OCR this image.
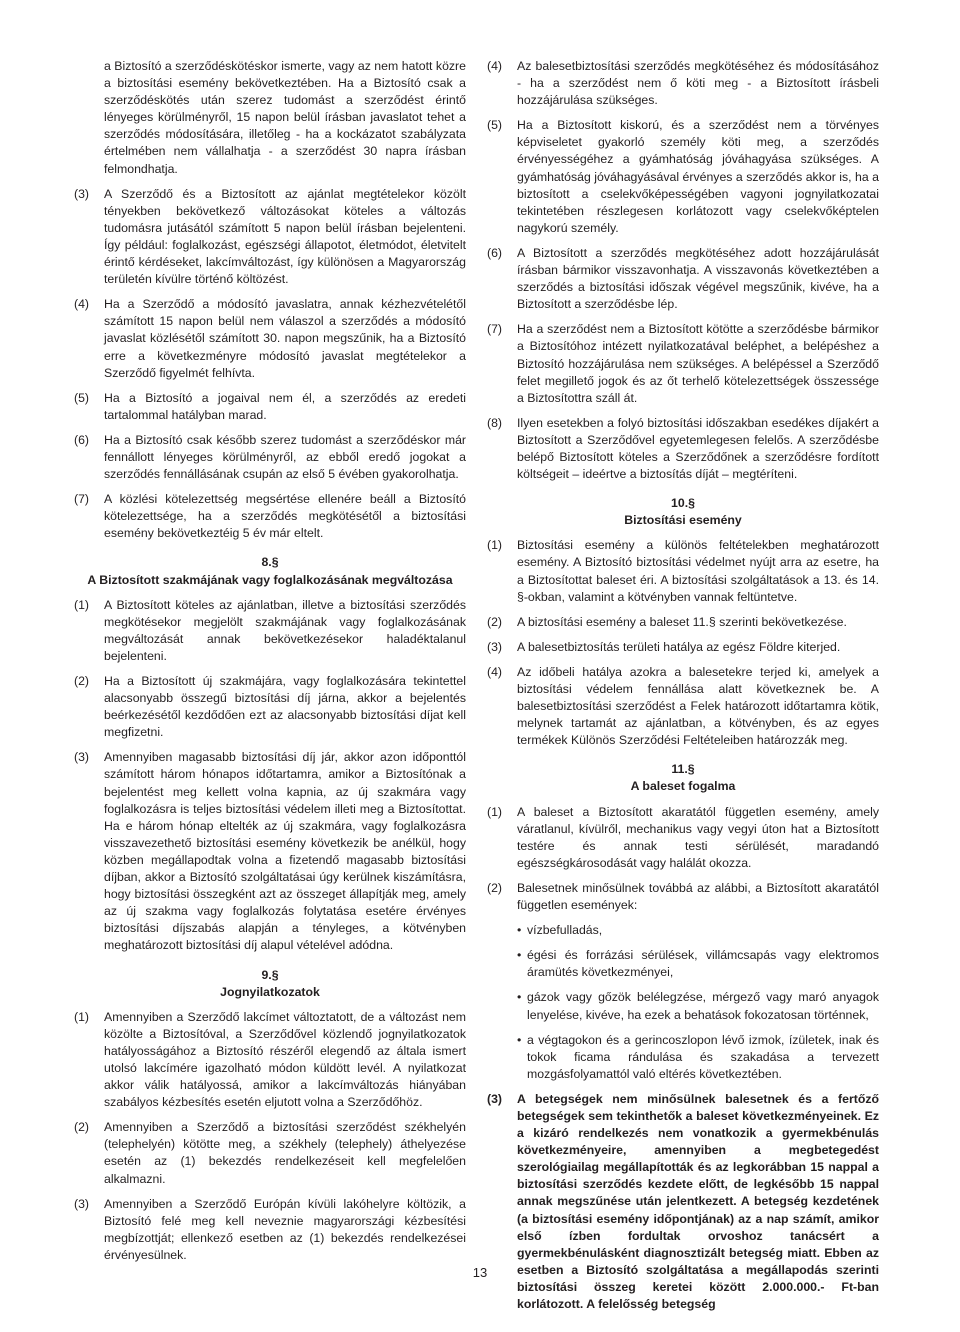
a Biztosító a szerződéskötéskor ismerte, vagy az nem hatott közre a biztosítási esemény bekövetkeztében. Ha a Biztosító csak a szerződéskötés után szerez tudomást a szerződést érintő lényeges körülményről, 15 napon belül írásban javaslatot tehet a szerződés módosítására, illetőleg - ha a kockázatot szabályzata értelmében nem vállalhatja - a szerződést 30 napra írásban felmondhatja.

(3)	A Szerződő és a Biztosított az ajánlat megtételekor közölt tényekben bekövetkező változásokat köteles a változás tudomásra jutásától számított 5 napon belül írásban bejelenteni. Így például: foglalkozást, egészségi állapotot, életmódot, életvitelt érintő kérdéseket, lakcímváltozást, így különösen a Magyarország területén kívülre történő költözést.
(4)	Ha a Szerződő a módosító javaslatra, annak kézhezvételétől számított 15 napon belül nem válaszol a szerződés a módosító javaslat közlésétől számított 30. napon megszűnik, ha a Biztosító erre a következményre módosító javaslat megtételekor a Szerződő figyelmét felhívta.
(5)	Ha a Biztosító a jogaival nem él, a szerződés az eredeti tartalommal hatályban marad.
(6)	Ha a Biztosító csak később szerez tudomást a szerződéskor már fennállott lényeges körülményről, az ebből eredő jogokat a szerződés fennállásának csupán az első 5 évében gyakorolhatja.
(7)	A közlési kötelezettség megsértése ellenére beáll a Biztosító kötelezettsége, ha a szerződés megkötésétől a biztosítási esemény bekövetkeztéig 5 év már eltelt.
8.§
A Biztosított szakmájának vagy foglalkozásának megváltozása
(1)	A Biztosított köteles az ajánlatban, illetve a biztosítási szerződés megkötésekor megjelölt szakmájának vagy foglalkozásának megváltozását annak bekövetkezésekor haladéktalanul bejelenteni.
(2)	Ha a Biztosított új szakmájára, vagy foglalkozására tekintettel alacsonyabb összegű biztosítási díj járna, akkor a bejelentés beérkezésétől kezdődően ezt az alacsonyabb biztosítási díjat kell megfizetni.
(3)	Amennyiben magasabb biztosítási díj jár, akkor azon időponttól számított három hónapos időtartamra, amikor a Biztosítónak a bejelentést meg kellett volna kapnia, az új szakmára vagy foglalkozásra is teljes biztosítási védelem illeti meg a Biztosítottat. Ha e három hónap eltelték az új szakmára, vagy foglalkozásra visszavezethető biztosítási esemény következik be anélkül, hogy közben megállapodtak volna a fizetendő magasabb biztosítási díjban, akkor a Biztosító szolgáltatásai úgy kerülnek kiszámításra, hogy biztosítási összegként azt az összeget állapítják meg, amely az új szakma vagy foglalkozás folytatása esetére érvényes biztosítási díjszabás alapján a tényleges, a kötvényben meghatározott biztosítási díj alapul vételével adódna.
9.§
Jognyilatkozatok
(1)	Amennyiben a Szerződő lakcímet változtatott, de a változást nem közölte a Biztosítóval, a Szerződővel közlendő jognyilatkozatok hatályosságához a Biztosító részéről elegendő az általa ismert utolsó lakcímére igazolható módon küldött levél. A nyilatkozat akkor válik hatályossá, amikor a lakcímváltozás hiányában szabályos kézbesítés esetén eljutott volna a Szerződőhöz.
(2)	Amennyiben a Szerződő a biztosítási szerződést székhelyén (telephelyén) kötötte meg, a székhely (telephely) áthelyezése esetén az (1) bekezdés rendelkezéseit kell megfelelően alkalmazni.
(3)	Amennyiben a Szerződő Európán kívüli lakóhelyre költözik, a Biztosító felé meg kell neveznie magyarországi kézbesítési megbízottját; ellenkező esetben az (1) bekezdés rendelkezései érvényesülnek.
(4)	Az balesetbiztosítási szerződés megkötéséhez és módosításához - ha a szerződést nem ő köti meg - a Biztosított írásbeli hozzájárulása szükséges.
(5)	Ha a Biztosított kiskorú, és a szerződést nem a törvényes képviseletet gyakorló személy köti meg, a szerződés érvényességéhez a gyámhatóság jóváhagyása szükséges. A gyámhatóság jóváhagyásával érvényes a szerződés akkor is, ha a biztosított a cselekvőképességében vagyoni jognyilatkozatai tekintetében részlegesen korlátozott vagy cselekvőképtelen nagykorú személy.
(6)	A Biztosított a szerződés megkötéséhez adott hozzájárulását írásban bármikor visszavonhatja. A visszavonás következtében a szerződés a biztosítási időszak végével megszűnik, kivéve, ha a Biztosított a szerződésbe lép.
(7)	Ha a szerződést nem a Biztosított kötötte a szerződésbe bármikor a Biztosítóhoz intézett nyilatkozatával beléphet, a belépéshez a Biztosító hozzájárulása nem szükséges. A belépéssel a Szerződő felet megillető jogok és az őt terhelő kötelezettségek összessége a Biztosítottra száll át.
(8)	Ilyen esetekben a folyó biztosítási időszakban esedékes díjakért a Biztosított a Szerződővel egyetemlegesen felelős. A szerződésbe belépő Biztosított köteles a Szerződőnek a szerződésre fordított költségeit – ideértve a biztosítás díját – megtéríteni.
10.§
Biztosítási esemény
(1)	Biztosítási esemény a különös feltételekben meghatározott esemény. A Biztosító biztosítási védelmet nyújt arra az esetre, ha a Biztosítottat baleset éri. A biztosítási szolgáltatások a 13. és 14. §-okban, valamint a kötvényben vannak feltüntetve.
(2)	A biztosítási esemény a baleset 11.§ szerinti bekövetkezése.
(3)	A balesetbiztosítás területi hatálya az egész Földre kiterjed.
(4)	Az időbeli hatálya azokra a balesetekre terjed ki, amelyek a biztosítási védelem fennállása alatt következnek be. A balesetbiztosítási szerződést a Felek határozott időtartamra kötik, melynek tartamát az ajánlatban, a kötvényben, és az egyes termékek Különös Szerződési Feltételeiben határozzák meg.
11.§
A baleset fogalma
(1)	A baleset a Biztosított akaratától független esemény, amely váratlanul, kívülről, mechanikus vagy vegyi úton hat a Biztosított testére és annak testi sérülését, maradandó egészségkárosodását vagy halálát okozza.
(2)	Balesetnek minősülnek továbbá az alábbi, a Biztosított akaratától független események:
• vízbefulladás,
• égési és forrázási sérülések, villámcsapás vagy elektromos áramütés következményei,
• gázok vagy gőzök belélegzése, mérgező vagy maró anyagok lenyelése, kivéve, ha ezek a behatások fokozatosan történnek,
• a végtagokon és a gerincoszlopon lévő izmok, ízületek, inak és tokok ficama rándulása és szakadása a tervezett mozgásfolyamattól való eltérés következtében.
(3)	A betegségek nem minősülnek balesetnek és a fertőző betegségek sem tekinthetők a baleset következményeinek. Ez a kizáró rendelkezés nem vonatkozik a gyermekbénulás következményeire, amennyiben a megbetegedést szerológiailag megállapították és az legkorábban 15 nappal a biztosítási szerződés kezdete előtt, de legkésőbb 15 nappal annak megszűnése után jelentkezett. A betegség kezdetének (a biztosítási esemény időpontjának) az a nap számít, amikor első ízben fordultak orvoshoz tanácsért a gyermekbénulásként diagnosztizált betegség miatt. Ebben az esetben a Biztosító szolgáltatása a megállapodás szerinti biztosítási összeg keretei között 2.000.000.- Ft-ban korlátozott. A felelősség betegség
13
